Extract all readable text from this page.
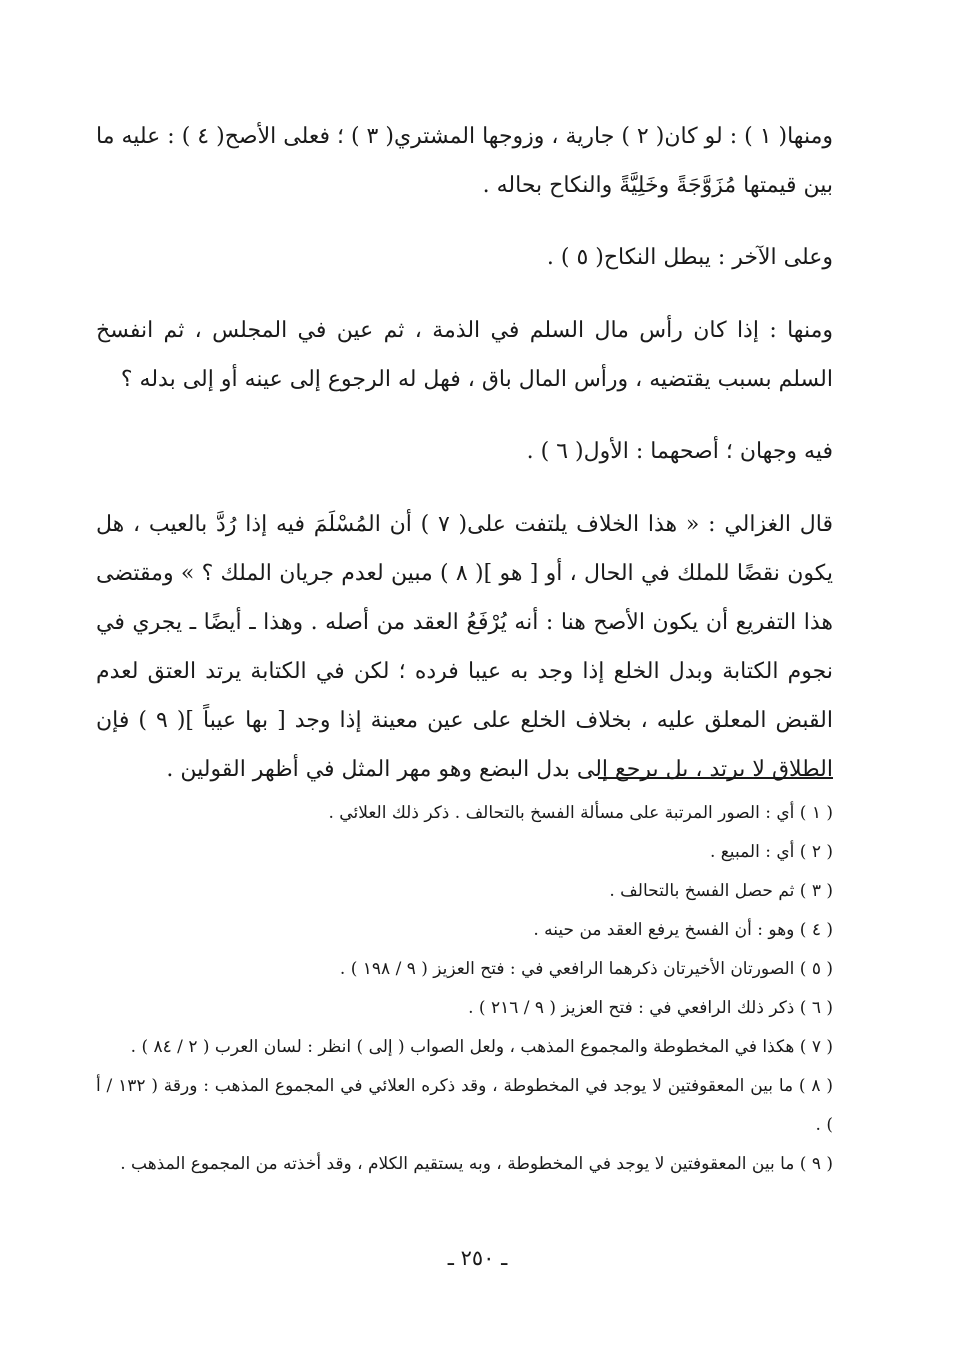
ومنها( ١ ) : لو كان( ٢ ) جارية ، وزوجها المشتري( ٣ ) ؛ فعلى الأصح( ٤ ) : عليه ما بين قيمتها مُزَوَّجَةً وخَلِيَّةً والنكاح بحاله .

وعلى الآخر : يبطل النكاح( ٥ ) .

ومنها : إذا كان رأس مال السلم في الذمة ، ثم عين في المجلس ، ثم انفسخ السلم بسبب يقتضيه ، ورأس المال باق ، فهل له الرجوع إلى عينه أو إلى بدله ؟

فيه وجهان ؛ أصحهما : الأول( ٦ ) .

قال الغزالي : « هذا الخلاف يلتفت على( ٧ ) أن المُسْلَمَ فيه إذا رُدَّ بالعيب ، هل يكون نقضًا للملك في الحال ، أو [ هو ]( ٨ ) مبين لعدم جريان الملك ؟ » ومقتضى هذا التفريع أن يكون الأصح هنا : أنه يُرْفَعُ العقد من أصله . وهذا ـ أيضًا ـ يجري في نجوم الكتابة وبدل الخلع إذا وجد به عيبا فرده ؛ لكن في الكتابة يرتد العتق لعدم القبض المعلق عليه ، بخلاف الخلع على عين معينة إذا وجد [ بها عيباً ]( ٩ ) فإن الطلاق لا يرتد ، بل يرجع إلى بدل البضع وهو مهر المثل في أظهر القولين .

( ١ ) أي : الصور المرتبة على مسألة الفسخ بالتحالف . ذكر ذلك العلائي .

( ٢ ) أي : المبيع .

( ٣ ) ثم حصل الفسخ بالتحالف .

( ٤ ) وهو : أن الفسخ يرفع العقد من حينه .

( ٥ ) الصورتان الأخيرتان ذكرهما الرافعي في : فتح العزيز ( ٩ / ١٩٨ ) .

( ٦ ) ذكر ذلك الرافعي في : فتح العزيز ( ٩ / ٢١٦ ) .

( ٧ ) هكذا في المخطوطة والمجموع المذهب ، ولعل الصواب ( إلى ) انظر : لسان العرب ( ٢ / ٨٤ ) .

( ٨ ) ما بين المعقوفتين لا يوجد في المخطوطة ، وقد ذكره العلائي في المجموع المذهب : ورقة ( ١٣٢ / أ ) .

( ٩ ) ما بين المعقوفتين لا يوجد في المخطوطة ، وبه يستقيم الكلام ، وقد أخذته من المجموع المذهب .

ـ ٢٥٠ ـ
